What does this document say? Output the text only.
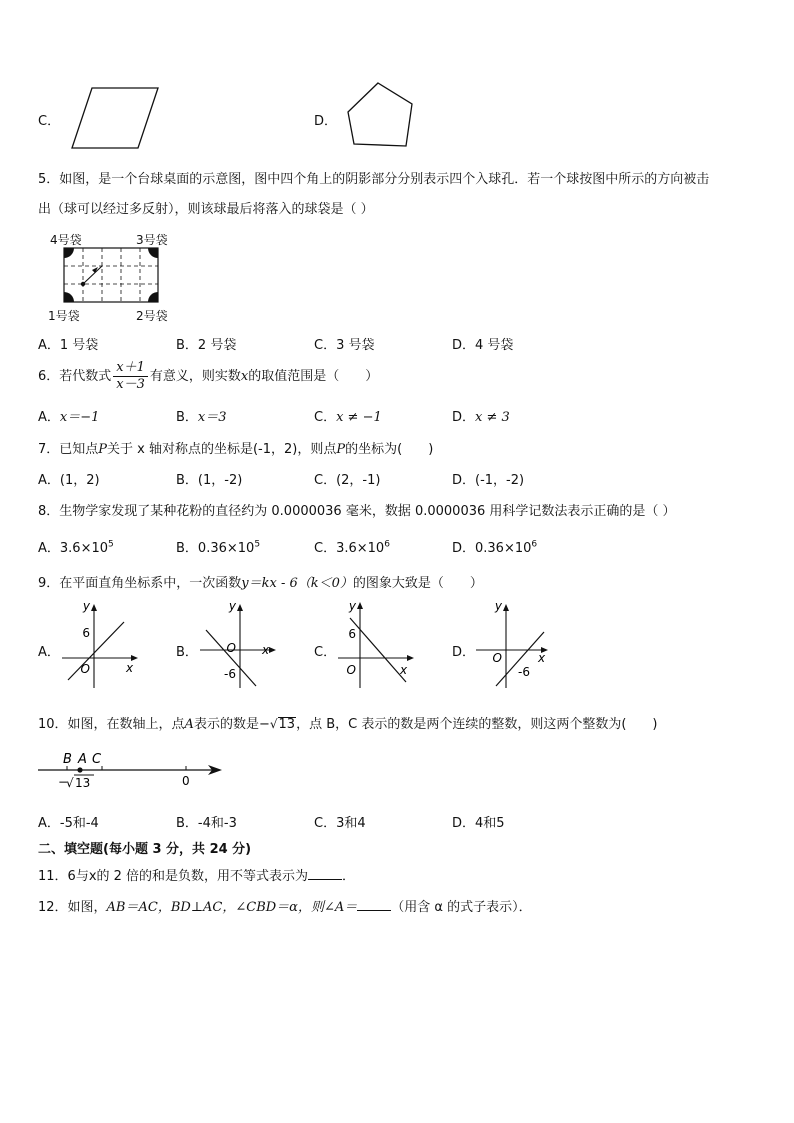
C．	D．
5．如图，是一个台球桌面的示意图，图中四个角上的阴影部分分别表示四个入球孔．若一个球按图中所示的方向被击
出（球可以经过多反射），则该球最后将落入的球袋是（ ）
4号袋	3号袋
1号袋	2号袋
A．1 号袋	B．2 号袋	C．3 号袋	D．4 号袋
6．若代数式 $\frac{x+1}{x-3}$ 有意义，则实数x的取值范围是（　　）
A．x＝−1	B．x＝3	C．x ≠ −1	D．x ≠ 3
7．已知点P关于 x 轴对称点的坐标是(-1，2)，则点P的坐标为(　　)
A．(1，2)	B．(1，-2)	C．(2，-1)	D．(-1，-2)
8．生物学家发现了某种花粉的直径约为 0.0000036 毫米，数据 0.0000036 用科学记数法表示正确的是（ ）
A．$3.6\times 10^5$	B．$0.36\times 10^5$	C．$3.6\times 10^6$	D．$0.36\times 10^6$
9．在平面直角坐标系中，一次函数y＝kx - 6（k＜0）的图象大致是（　　）
A．
y
x
O
6
B．
y
x
O
-6
C．
y
x
O
6
D．
y
x
O
-6
10．如图，在数轴上，点A表示的数是−√13，点 B，C 表示的数是两个连续的整数，则这两个整数为(　　)
B A C
−
√ 13	0
A．-5和-4	B．-4和-3	C．3和4	D．4和5
二、填空题(每小题 3 分，共 24 分)
11．6与x的 2 倍的和是负数，用不等式表示为	．
12．如图，AB＝AC，BD⊥AC，∠CBD＝α，则∠A＝	（用含 α 的式子表示）．
